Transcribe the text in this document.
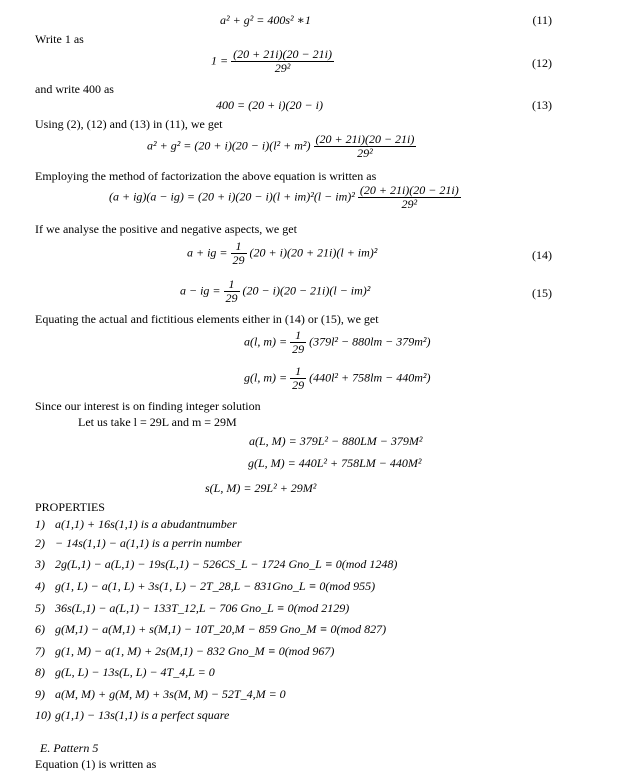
a² + g² = 400s² ∗1	(11)
Write 1 as
$1 = \frac{(20 + 21i)(20 - 21i)}{\text{29²}}$	(12)
and write 400 as
400 = (20 + i)(20 − i)	(13)
Using (2), (12) and (13) in (11), we get
$a^2 + g^2 = (20 + i)(20 - i)(l^2 + m^2) \frac{(20 + 21i)(20 - 21i)}{\text{29²}}$
Employing the method of factorization the above equation is written as
$(a + ig)(a - ig) = (20 + i)(20 - i)(l + im)^2(l - im)^2 \frac{(20 + 21i)(20 - 21i)}{\text{29²}}$
If we analyse the positive and negative aspects, we get
a + ig = $\frac{1}{29} (20 + i)(20 + 21i)(l + im)^2$	(14)
a − ig = $\frac{1}{29} (20 - i)(20 - 21i)(l - im)^2$	(15)
Equating the actual and fictitious elements either in (14) or (15), we get
a(l, $m) = \frac{1}{29} (379l^2 - 880lm - 379m^2)$
g(l, $m) = \frac{1}{29} (440l^2 + 758lm - 440m^2)$
Since our interest is on finding integer solution
Let us take l = 29L and m = 29M
a(L, M) = 379L² − 880LM − 379M²
g(L, M) = 440L² + 758LM − 440M²
s(L, M) = 29L² + 29M²
PROPERTIES
1) a(1,1) + 16s(1,1) is a abudantnumber
2) − 14s(1,1) − a(1,1) is a perrin number
3) 2g(L,1) − a(L,1) − 19s(L,1) − 526CS_L − 1724 Gno_L ≡ 0(mod 1248)
4) g(1, L) − a(1, L) + 3s(1, L) − 2T_28,L − 831Gno_L ≡ 0(mod 955)
5) 36s(L,1) − a(L,1) − 133T_12,L − 706 Gno_L ≡ 0(mod 2129)
6) g(M,1) − a(M,1) + s(M,1) − 10T_20,M − 859 Gno_M ≡ 0(mod 827)
7) g(1, M) − a(1, M) + 2s(M,1) − 832 Gno_M ≡ 0(mod 967)
8) g(L, L) − 13s(L, L) − 4T_4,L = 0
9) a(M, M) + g(M, M) + 3s(M, M) − 52T_4,M = 0
10) g(1,1) − 13s(1,1) is a perfect square
E. Pattern 5
Equation (1) is written as
